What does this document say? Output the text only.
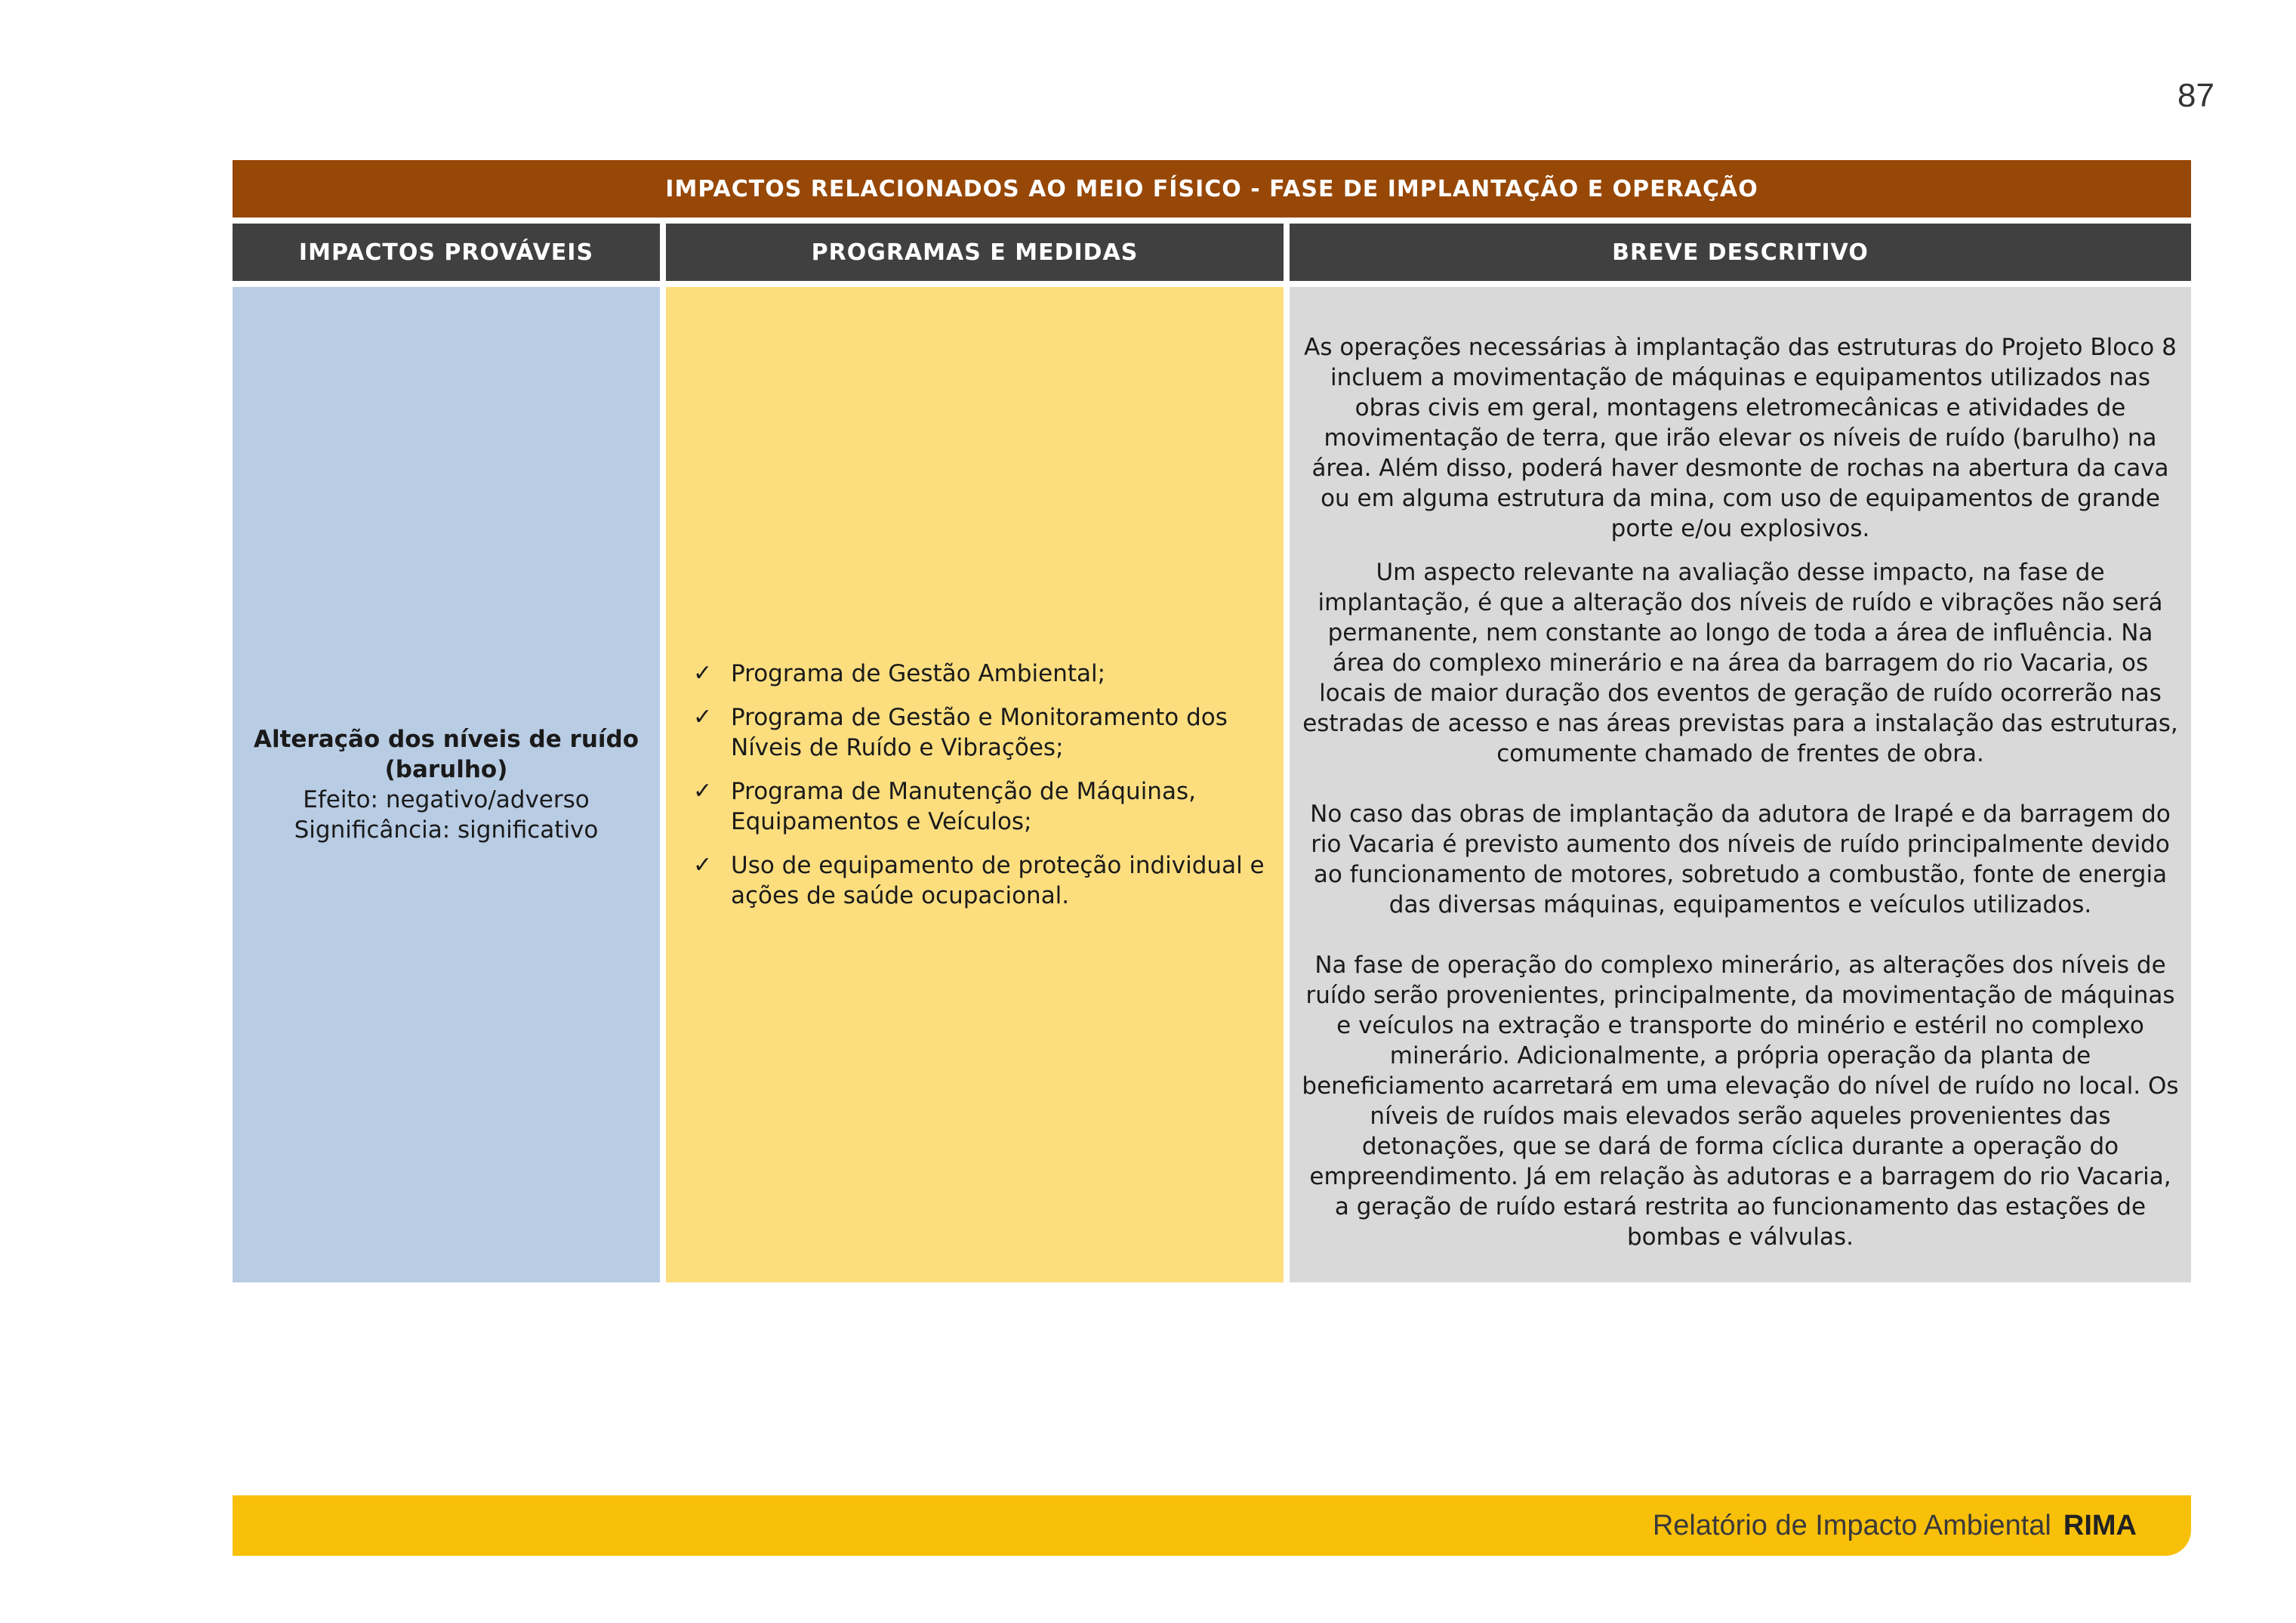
87
IMPACTOS RELACIONADOS AO MEIO FÍSICO - FASE DE IMPLANTAÇÃO E OPERAÇÃO
IMPACTOS PROVÁVEIS	PROGRAMAS E MEDIDAS	BREVE DESCRITIVO
Alteração dos níveis de ruído (barulho)
Efeito: negativo/adverso
Significância: significativo
✓ Programa de Gestão Ambiental;
✓ Programa de Gestão e Monitoramento dos Níveis de Ruído e Vibrações;
✓ Programa de Manutenção de Máquinas, Equipamentos e Veículos;
✓ Uso de equipamento de proteção individual e ações de saúde ocupacional.

As operações necessárias à implantação das estruturas do Projeto Bloco 8 incluem a movimentação de máquinas e equipamentos utilizados nas obras civis em geral, montagens eletromecânicas e atividades de movimentação de terra, que irão elevar os níveis de ruído (barulho) na área. Além disso, poderá haver desmonte de rochas na abertura da cava ou em alguma estrutura da mina, com uso de equipamentos de grande porte e/ou explosivos.

Um aspecto relevante na avaliação desse impacto, na fase de implantação, é que a alteração dos níveis de ruído e vibrações não será permanente, nem constante ao longo de toda a área de influência. Na área do complexo minerário e na área da barragem do rio Vacaria, os locais de maior duração dos eventos de geração de ruído ocorrerão nas estradas de acesso e nas áreas previstas para a instalação das estruturas, comumente chamado de frentes de obra.

No caso das obras de implantação da adutora de Irapé e da barragem do rio Vacaria é previsto aumento dos níveis de ruído principalmente devido ao funcionamento de motores, sobretudo a combustão, fonte de energia das diversas máquinas, equipamentos e veículos utilizados.

Na fase de operação do complexo minerário, as alterações dos níveis de ruído serão provenientes, principalmente, da movimentação de máquinas e veículos na extração e transporte do minério e estéril no complexo minerário. Adicionalmente, a própria operação da planta de beneficiamento acarretará em uma elevação do nível de ruído no local. Os níveis de ruídos mais elevados serão aqueles provenientes das detonações, que se dará de forma cíclica durante a operação do empreendimento. Já em relação às adutoras e a barragem do rio Vacaria, a geração de ruído estará restrita ao funcionamento das estações de bombas e válvulas.

Relatório de Impacto Ambiental RIMA
